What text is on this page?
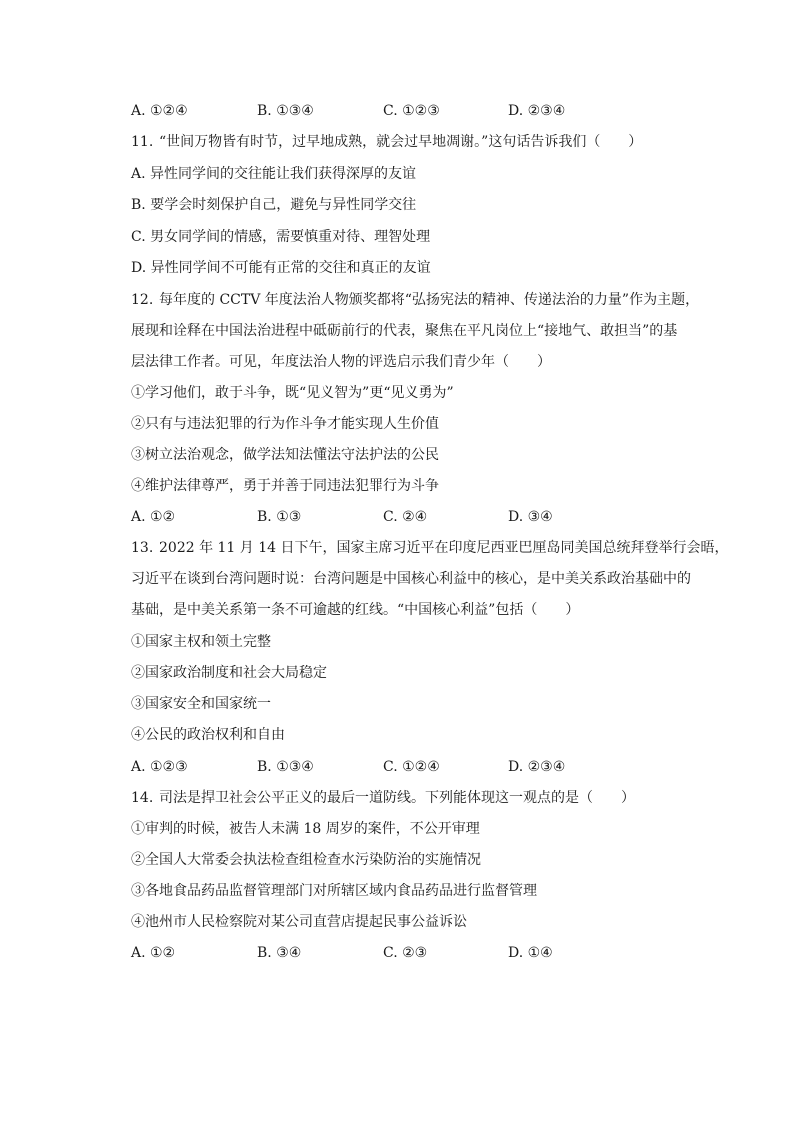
A. ①②④	B. ①③④	C. ①②③	D. ②③④
11. “世间万物皆有时节，过早地成熟，就会过早地凋谢。”这句话告诉我们（　　）
A. 异性同学间的交往能让我们获得深厚的友谊
B. 要学会时刻保护自己，避免与异性同学交往
C. 男女同学间的情感，需要慎重对待、理智处理
D. 异性同学间不可能有正常的交往和真正的友谊
12. 每年度的 CCTV 年度法治人物颁奖都将“弘扬宪法的精神、传递法治的力量”作为主题，
展现和诠释在中国法治进程中砥砺前行的代表，聚焦在平凡岗位上“接地气、敢担当”的基
层法律工作者。可见，年度法治人物的评选启示我们青少年（　　）
①学习他们，敢于斗争，既“见义智为”更“见义勇为”
②只有与违法犯罪的行为作斗争才能实现人生价值
③树立法治观念，做学法知法懂法守法护法的公民
④维护法律尊严，勇于并善于同违法犯罪行为斗争
A. ①②	B. ①③	C. ②④	D. ③④
13. 2022 年 11 月 14 日下午，国家主席习近平在印度尼西亚巴厘岛同美国总统拜登举行会晤，
习近平在谈到台湾问题时说：台湾问题是中国核心利益中的核心，是中美关系政治基础中的
基础，是中美关系第一条不可逾越的红线。“中国核心利益”包括（　　）
①国家主权和领土完整
②国家政治制度和社会大局稳定
③国家安全和国家统一
④公民的政治权利和自由
A. ①②③	B. ①③④	C. ①②④	D. ②③④
14. 司法是捍卫社会公平正义的最后一道防线。下列能体现这一观点的是（　　）
①审判的时候，被告人未满 18 周岁的案件，不公开审理
②全国人大常委会执法检查组检查水污染防治的实施情况
③各地食品药品监督管理部门对所辖区域内食品药品进行监督管理
④池州市人民检察院对某公司直营店提起民事公益诉讼
A. ①②	B. ③④	C. ②③	D. ①④
